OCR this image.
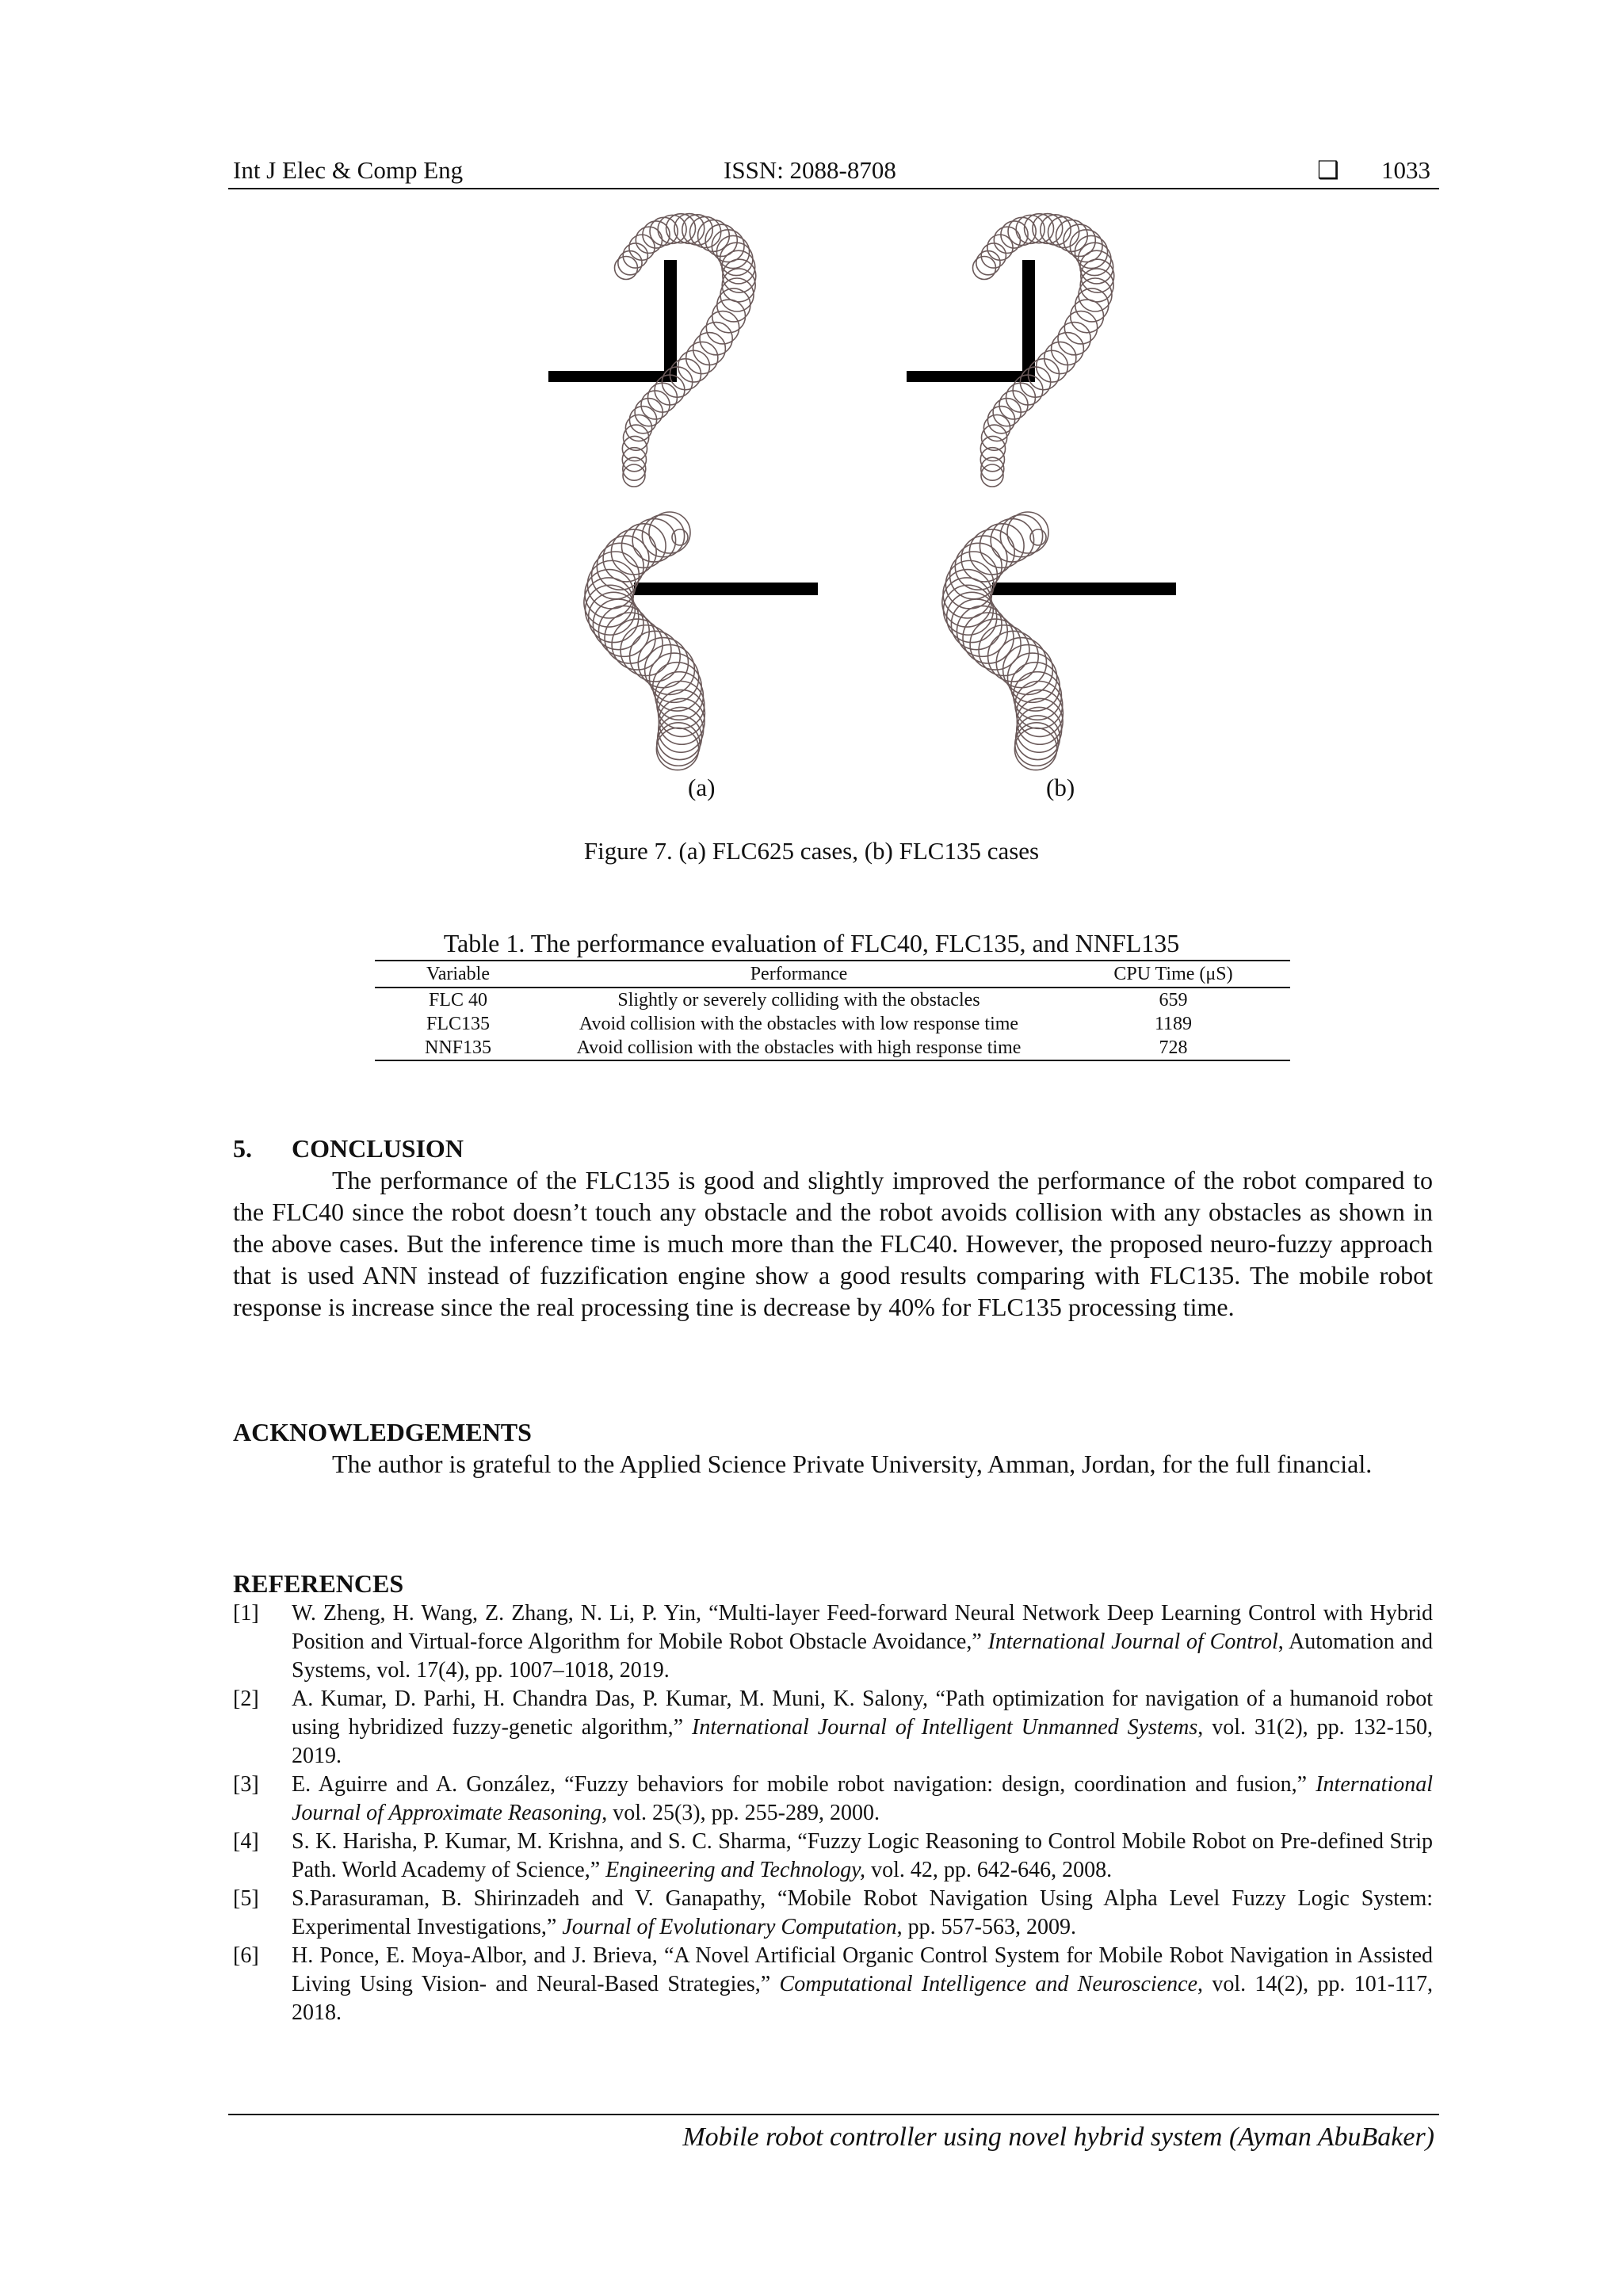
Int J Elec & Comp Eng	ISSN: 2088-8708	❑ 1033
(a)	(b)
Figure 7. (a) FLC625 cases, (b) FLC135 cases
Table 1. The performance evaluation of FLC40, FLC135, and NNFL135
Variable	Performance	CPU Time (μS)
FLC 40	Slightly or severely colliding with the obstacles	659
FLC135	Avoid collision with the obstacles with low response time	1189
NNF135	Avoid collision with the obstacles with high response time	728
5. CONCLUSION

The performance of the FLC135 is good and slightly improved the performance of the robot compared to the FLC40 since the robot doesn’t touch any obstacle and the robot avoids collision with any obstacles as shown in the above cases. But the inference time is much more than the FLC40. However, the proposed neuro-fuzzy approach that is used ANN instead of fuzzification engine show a good results comparing with FLC135. The mobile robot response is increase since the real processing tine is decrease by 40% for FLC135 processing time.

ACKNOWLEDGEMENTS

The author is grateful to the Applied Science Private University, Amman, Jordan, for the full financial.

REFERENCES
[1] W. Zheng, H. Wang, Z. Zhang, N. Li, P. Yin, “Multi-layer Feed-forward Neural Network Deep Learning Control with Hybrid Position and Virtual-force Algorithm for Mobile Robot Obstacle Avoidance,” International Journal of Control, Automation and Systems, vol. 17(4), pp. 1007–1018, 2019.
[2] A. Kumar, D. Parhi, H. Chandra Das, P. Kumar, M. Muni, K. Salony, “Path optimization for navigation of a humanoid robot using hybridized fuzzy-genetic algorithm,” International Journal of Intelligent Unmanned Systems, vol. 31(2), pp. 132-150, 2019.
[3] E. Aguirre and A. González, “Fuzzy behaviors for mobile robot navigation: design, coordination and fusion,” International Journal of Approximate Reasoning, vol. 25(3), pp. 255-289, 2000.
[4] S. K. Harisha, P. Kumar, M. Krishna, and S. C. Sharma, “Fuzzy Logic Reasoning to Control Mobile Robot on Pre-defined Strip Path. World Academy of Science,” Engineering and Technology, vol. 42, pp. 642-646, 2008.
[5] S.Parasuraman, B. Shirinzadeh and V. Ganapathy, “Mobile Robot Navigation Using Alpha Level Fuzzy Logic System: Experimental Investigations,” Journal of Evolutionary Computation, pp. 557-563, 2009.
[6] H. Ponce, E. Moya-Albor, and J. Brieva, “A Novel Artificial Organic Control System for Mobile Robot Navigation in Assisted Living Using Vision- and Neural-Based Strategies,” Computational Intelligence and Neuroscience, vol. 14(2), pp. 101-117, 2018.
Mobile robot controller using novel hybrid system (Ayman AbuBaker)
